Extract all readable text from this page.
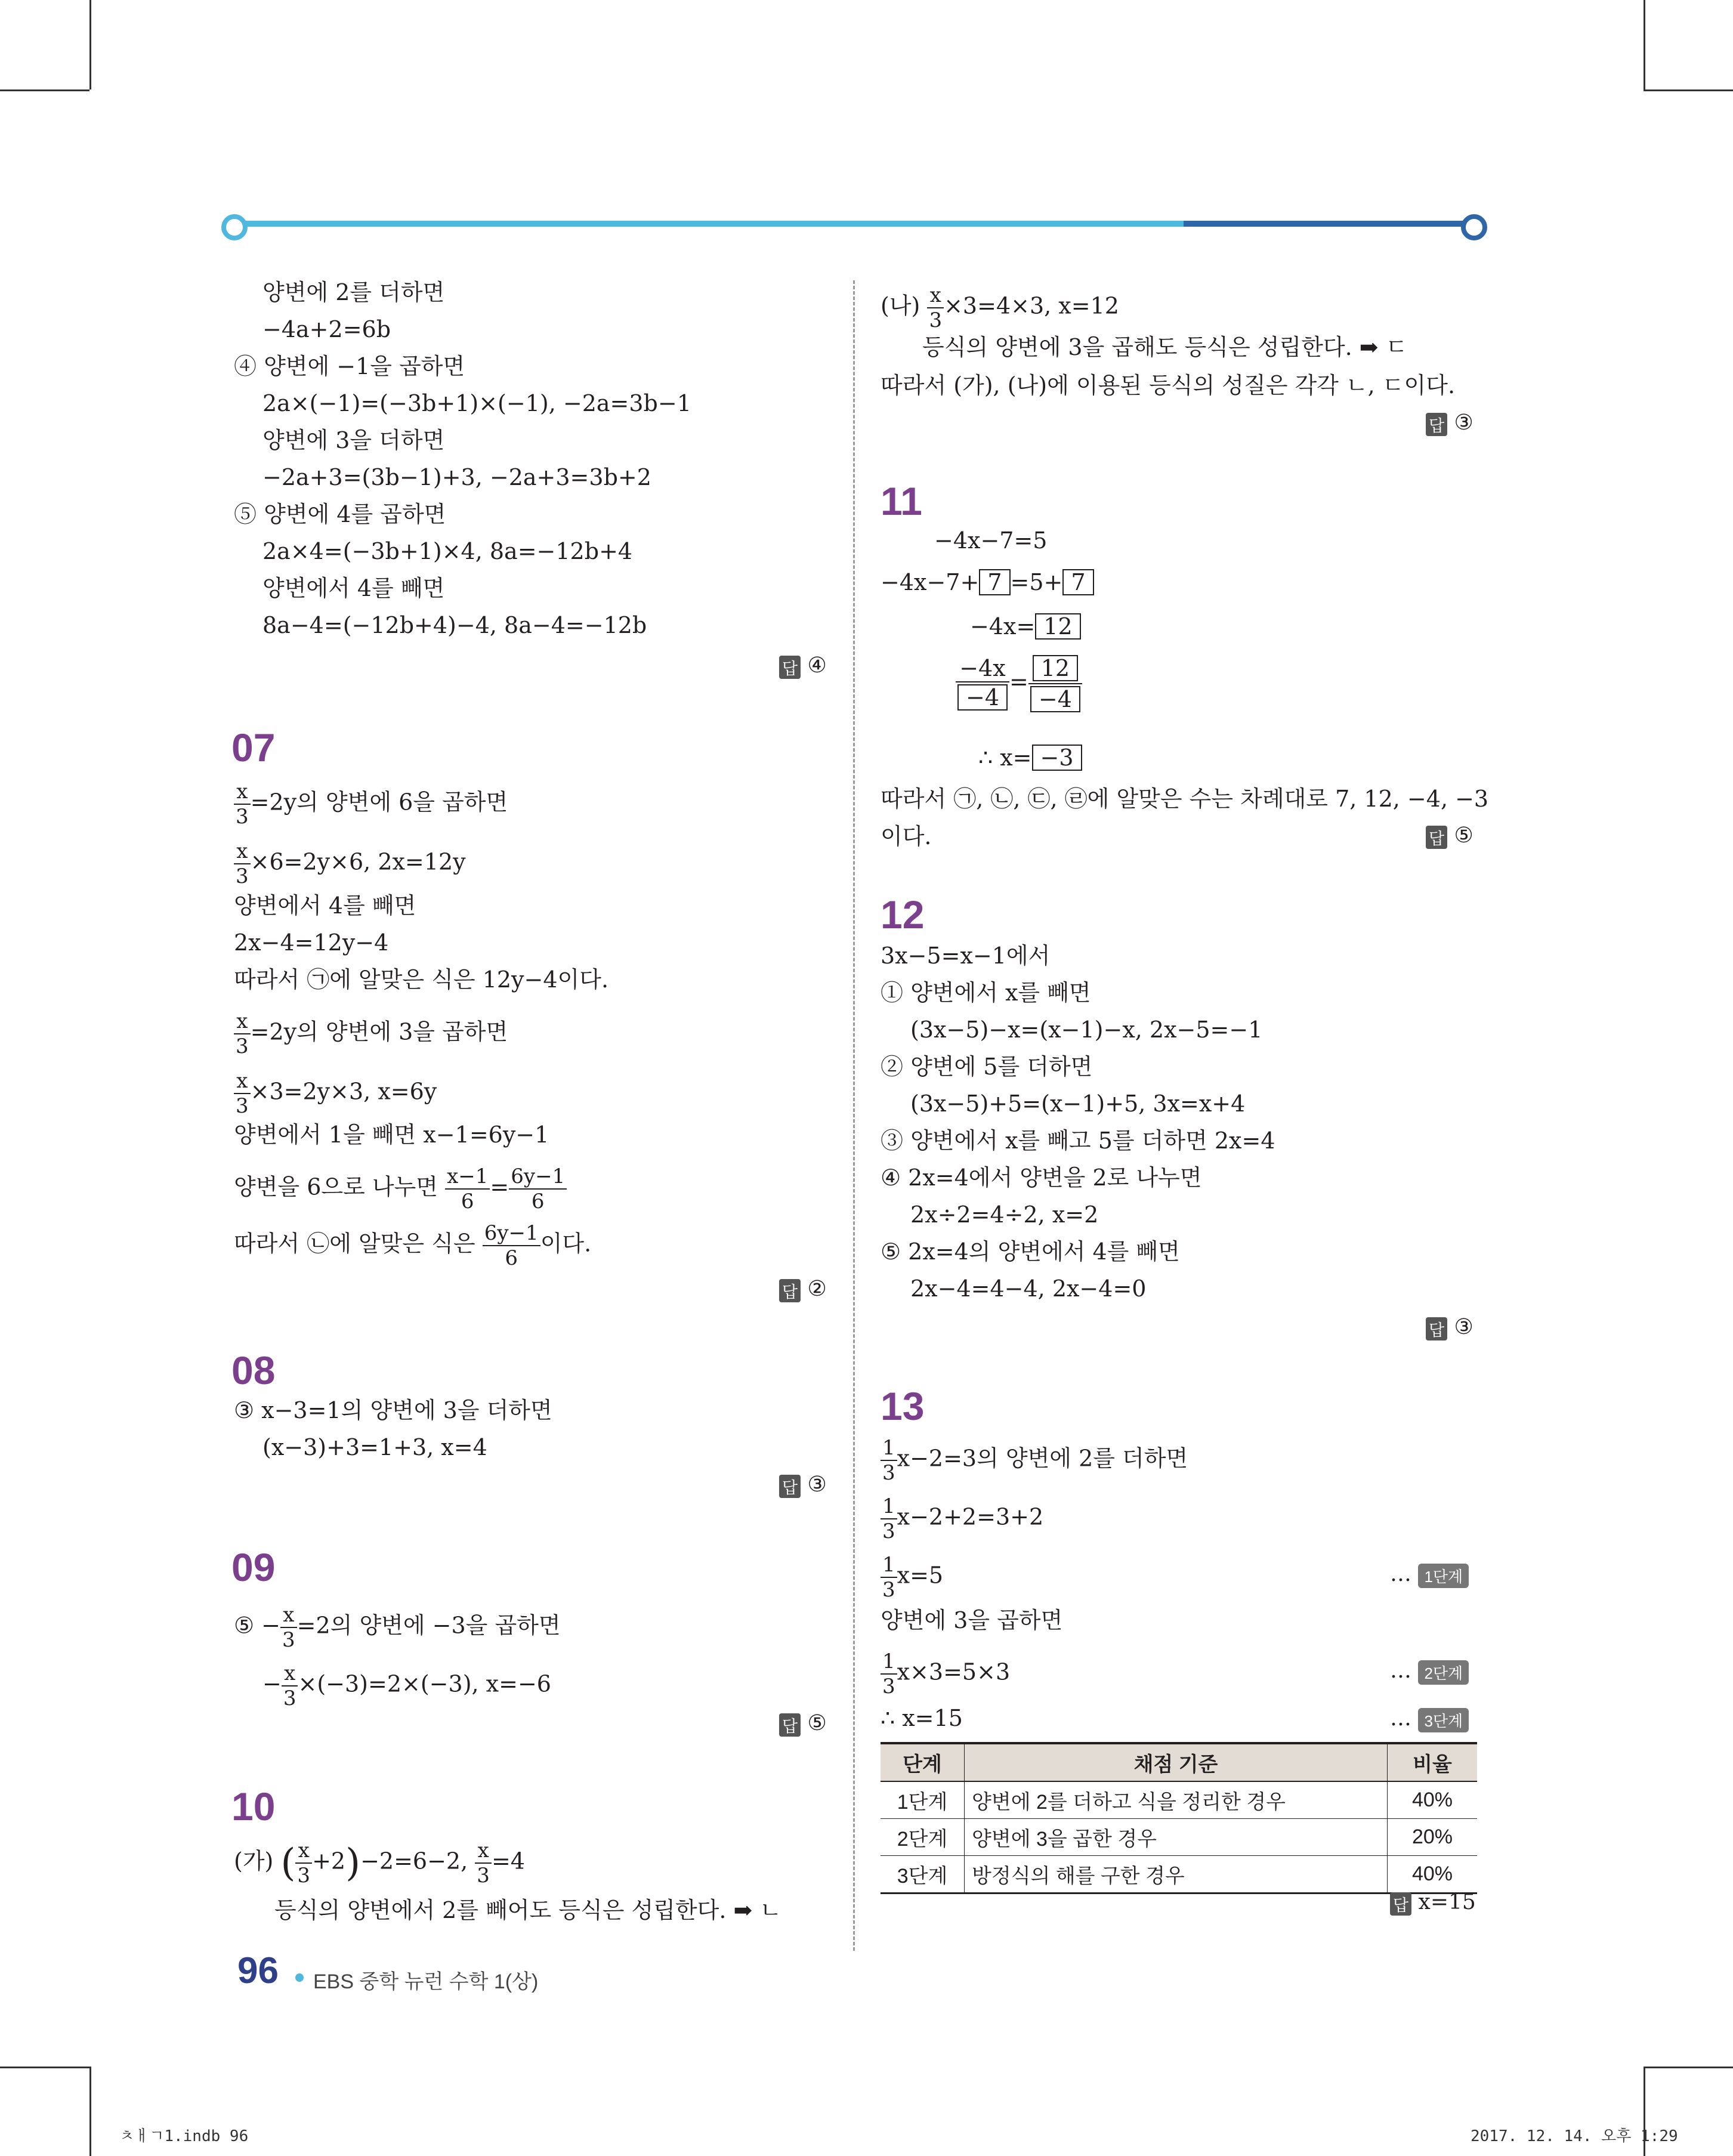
양변에 2를 더하면
−4a+2=6b
④ 양변에 −1을 곱하면
2a×(−1)=(−3b+1)×(−1), −2a=3b−1
양변에 3을 더하면
−2a+3=(3b−1)+3, −2a+3=3b+2
⑤ 양변에 4를 곱하면
2a×4=(−3b+1)×4, 8a=−12b+4
양변에서 4를 빼면
8a−4=(−12b+4)−4, 8a−4=−12b
답 ④
07
$\frac{x}{3} =2y$의 양변에 6을 곱하면
$\frac{x}{3} \times 6=2y\times 6$, 2x=12y
양변에서 4를 빼면
2x−4=12y−4
따라서 ㉠에 알맞은 식은 12y−4이다.
$\frac{x}{3} =2y$의 양변에 3을 곱하면
$\frac{x}{3} \times 3=2y\times 3$, x=6y
양변에서 1을 빼면 x−1=6y−1
양변을 6으로 나누면 $\frac{x-1}{6} = \frac{6y-1}{6}$
따라서 ㉡에 알맞은 식은 $\frac{6y-1}{6}$ 이다.
답 ②
08
③ x−3=1의 양변에 3을 더하면
(x−3)+3=1+3, x=4
답 ③
09
⑤ − $\frac{x}{3} =2$의 양변에 −3을 곱하면
− $\frac{x}{3} \times(-3)=2\times(-3)$, x=−6
답 ⑤
10
(가) ( $\frac{x}{3} +2)-2=6-2$, $\frac{x}{3} =4$
등식의 양변에서 2를 빼어도 등식은 성립한다. ➡ ㄴ
(나) $\frac{x}{3} \times 3=4\times 3$, x=12
등식의 양변에 3을 곱해도 등식은 성립한다. ➡ ㄷ
따라서 (가), (나)에 이용된 등식의 성질은 각각 ㄴ, ㄷ이다.
답 ③
11
−4x−7=5
−4x−7+ 7 =5+ 7
−4x= 12
$\frac{-4x}{-4} = \frac{12}{-4}$
∴ x= −3
따라서 ㉠, ㉡, ㉢, ㉣에 알맞은 수는 차례대로 7, 12, −4, −3
이다.	답 ⑤
12
3x−5=x−1에서
① 양변에서 x를 빼면
(3x−5)−x=(x−1)−x, 2x−5=−1
② 양변에 5를 더하면
(3x−5)+5=(x−1)+5, 3x=x+4
③ 양변에서 x를 빼고 5를 더하면 2x=4
④ 2x=4에서 양변을 2로 나누면
2x÷2=4÷2, x=2
⑤ 2x=4의 양변에서 4를 빼면
2x−4=4−4, 2x−4=0
답 ③
13
$\frac{1}{3} x-2=3$의 양변에 2를 더하면
$\frac{1}{3} x-2+2=3+2$
$\frac{1}{3} x=5$	… 1단계
양변에 3을 곱하면
$\frac{1}{3} x\times 3=5\times 3$	… 2단계
∴ x=15	… 3단계
단계	채점 기준	비율
1단계	양변에 2를 더하고 식을 정리한 경우	40%
2단계	양변에 3을 곱한 경우	20%
3단계	방정식의 해를 구한 경우	40%
답 x=15
96 EBS 중학 뉴런 수학 1(상)
ㅊㅐㄱ1.indb 96	2017. 12. 14. 오후 1:29
